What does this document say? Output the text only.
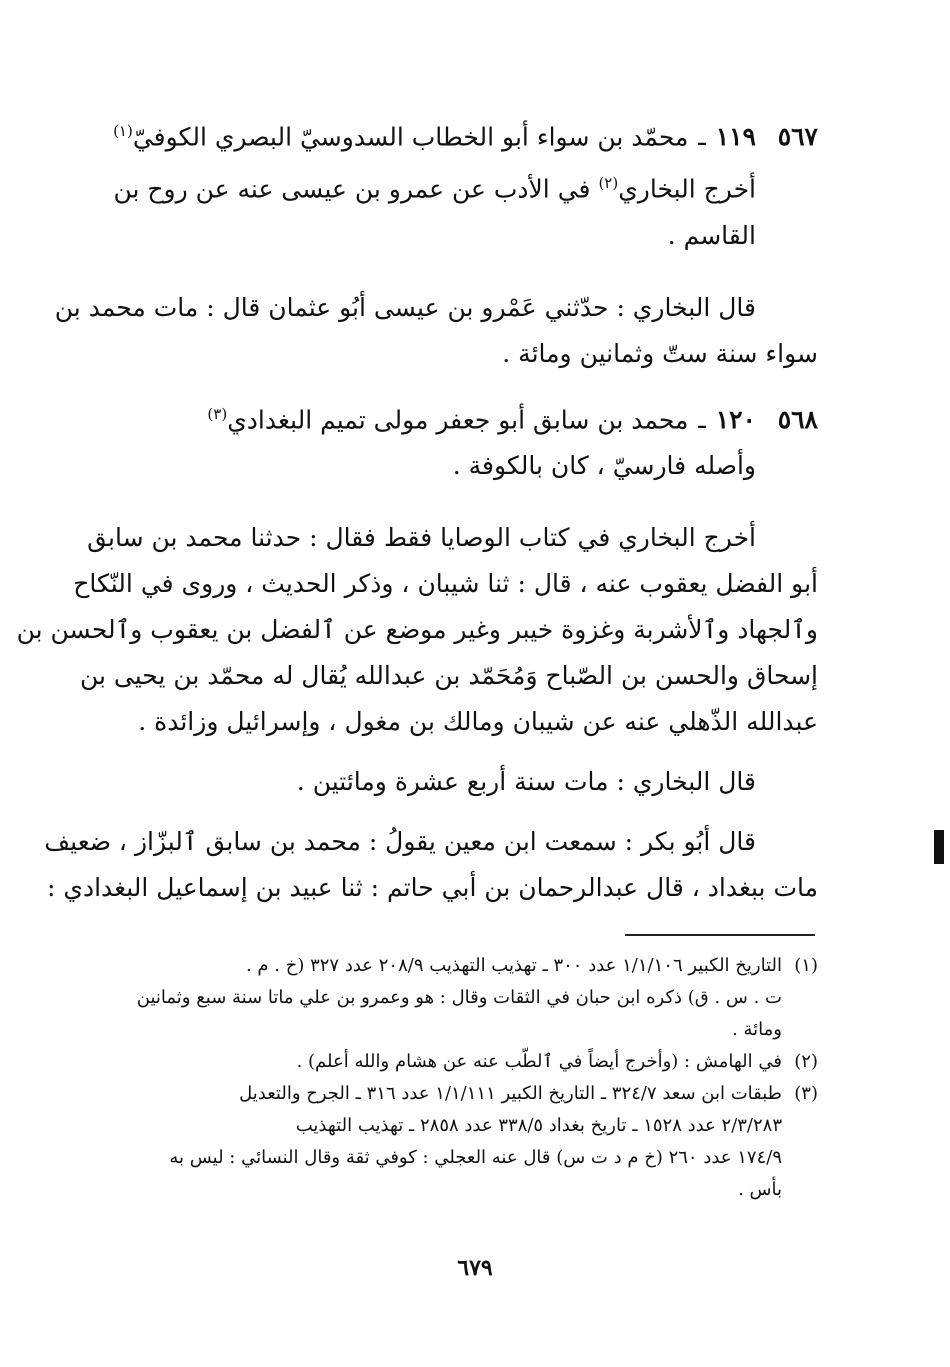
٥٦٧
١١٩
ـ
محمّد بن سواء أبو الخطاب السدوسيّ البصري الكوفيّ$^{(١)}$
أخرج البخاري$^{(٢)}$ في الأدب عن عمرو بن عيسى عنه عن روح بن
القاسم .
قال البخاري : حدّثني عَمْرو بن عيسى أبُو عثمان قال : مات محمد بن
سواء سنة ستّ وثمانين ومائة .
٥٦٨
١٢٠
ـ
محمد بن سابق أبو جعفر مولى تميم البغدادي$^{(٣)}$
وأصله فارسيّ ، كان بالكوفة .
أخرج البخاري في كتاب الوصايا فقط فقال : حدثنا محمد بن سابق
أبو الفضل يعقوب عنه ، قال : ثنا شيبان ، وذكر الحديث ، وروى في النّكاح
وٱلجهاد وٱلأشربة وغزوة خيبر وغير موضع عن ٱلفضل بن يعقوب وٱلحسن بن
إسحاق والحسن بن الصّباح وَمُحَمّد بن عبدالله يُقال له محمّد بن يحيى بن
عبدالله الذّهلي عنه عن شيبان ومالك بن مغول ، وإسرائيل وزائدة .
قال البخاري : مات سنة أربع عشرة ومائتين .
قال أبُو بكر : سمعت ابن معين يقولُ : محمد بن سابق ٱلبزّاز ، ضعيف
مات ببغداد ، قال عبدالرحمان بن أبي حاتم : ثنا عبيد بن إسماعيل البغدادي :
(١)
التاريخ الكبير ١/١/١٠٦ عدد ٣٠٠ ـ تهذيب التهذيب ٢٠٨/٩ عدد ٣٢٧ (خ . م .
ت . س . ق) ذكره ابن حبان في الثقات وقال : هو وعمرو بن علي ماتا سنة سبع وثمانين
ومائة .
(٢)
في الهامش : (وأخرج أيضاً في ٱلطّب عنه عن هشام والله أعلم) .
(٣)
طبقات ابن سعد ٣٢٤/٧ ـ التاريخ الكبير ١/١/١١١ عدد ٣١٦ ـ الجرح والتعديل
٢/٣/٢٨٣ عدد ١٥٢٨ ـ تاريخ بغداد ٣٣٨/٥ عدد ٢٨٥٨ ـ تهذيب التهذيب
١٧٤/٩ عدد ٢٦٠ (خ م د ت س) قال عنه العجلي : كوفي ثقة وقال النسائي : ليس به
بأس .
٦٧٩
